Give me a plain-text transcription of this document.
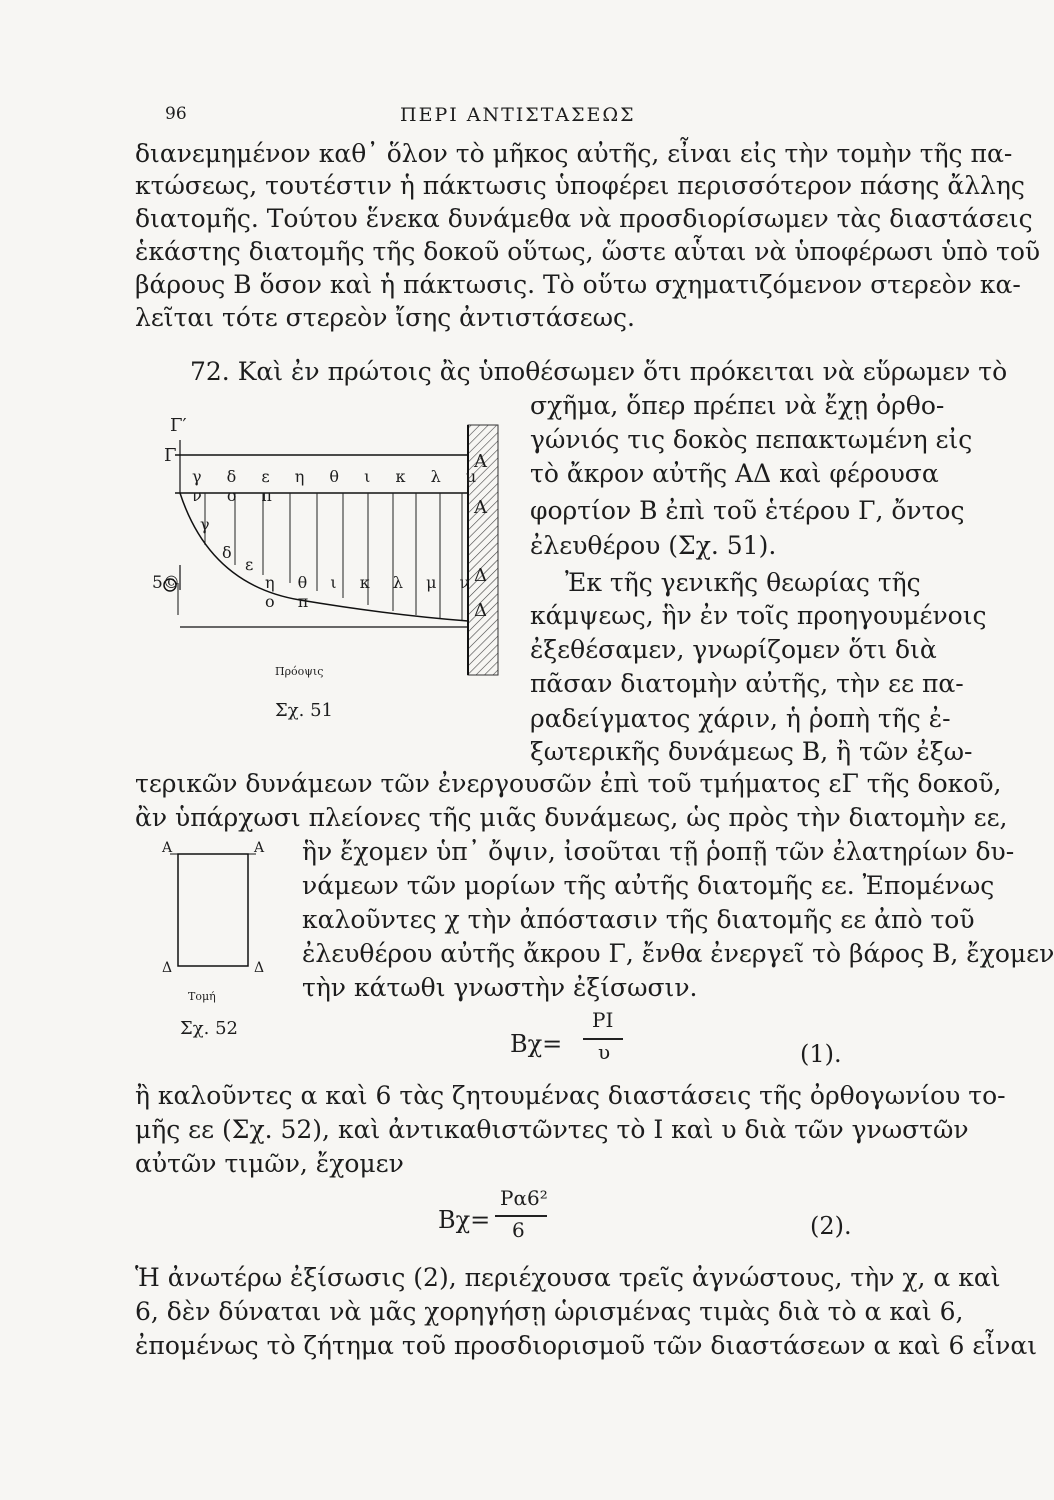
96	ΠΕΡΙ ΑΝΤΙΣΤΑΣΕΩΣ
διανεμημένον καθ᾽ ὅλον τὸ μῆκος αὐτῆς, εἶναι εἰς τὴν τομὴν τῆς πα-
κτώσεως, τουτέστιν ἡ πάκτωσις ὑποφέρει περισσότερον πάσης ἄλλης
διατομῆς. Τούτου ἕνεκα δυνάμεθα νὰ προσδιορίσωμεν τὰς διαστάσεις
ἑκάστης διατομῆς τῆς δοκοῦ οὕτως, ὥστε αὗται νὰ ὑποφέρωσι ὑπὸ τοῦ
βάρους Β ὅσον καὶ ἡ πάκτωσις. Τὸ οὕτω σχηματιζόμενον στερεὸν κα-
λεῖται τότε στερεὸν ἴσης ἀντιστάσεως.
72. Καὶ ἐν πρώτοις ἂς ὑποθέσωμεν ὅτι πρόκειται νὰ εὕρωμεν τὸ
σχῆμα, ὅπερ πρέπει νὰ ἔχῃ ὀρθο-
γώνιός τις δοκὸς πεπακτωμένη εἰς
τὸ ἄκρον αὐτῆς ΑΔ καὶ φέρουσα
φορτίον Β ἐπὶ τοῦ ἑτέρου Γ, ὄντος
ἐλευθέρου (Σχ. 51).
Ἐκ τῆς γενικῆς θεωρίας τῆς
κάμψεως, ἣν ἐν τοῖς προηγουμένοις
ἐξεθέσαμεν, γνωρίζομεν ὅτι διὰ
πᾶσαν διατομὴν αὐτῆς, τὴν εε πα-
ραδείγματος χάριν, ἡ ῥοπὴ τῆς ἐ-
ξωτερικῆς δυνάμεως Β, ἢ τῶν ἐξω-
τερικῶν δυνάμεων τῶν ἐνεργουσῶν ἐπὶ τοῦ τμήματος εΓ τῆς δοκοῦ,
ἂν ὑπάρχωσι πλείονες τῆς μιᾶς δυνάμεως, ὡς πρὸς τὴν διατομὴν εε,
ἣν ἔχομεν ὑπ᾽ ὄψιν, ἰσοῦται τῇ ῥοπῇ τῶν ἐλατηρίων δυ-
νάμεων τῶν μορίων τῆς αὐτῆς διατομῆς εε. Ἐπομένως
καλοῦντες χ τὴν ἀπόστασιν τῆς διατομῆς εε ἀπὸ τοῦ
ἐλευθέρου αὐτῆς ἄκρου Γ, ἔνθα ἐνεργεῖ τὸ βάρος Β, ἔχομεν
τὴν κάτωθι γνωστὴν ἐξίσωσιν.
Βχ=
PI
υ	(1).
ἢ καλοῦντες α καὶ 6 τὰς ζητουμένας διαστάσεις τῆς ὀρθογωνίου το-
μῆς εε (Σχ. 52), καὶ ἀντικαθιστῶντες τὸ Ι καὶ υ διὰ τῶν γνωστῶν
αὐτῶν τιμῶν, ἔχομεν
Βχ=
Pα6²
6	(2).
Ἡ ἀνωτέρω ἐξίσωσις (2), περιέχουσα τρεῖς ἀγνώστους, τὴν χ, α καὶ
6, δὲν δύναται νὰ μᾶς χορηγήσῃ ὡρισμένας τιμὰς διὰ τὸ α καὶ 6,
ἐπομένως τὸ ζήτημα τοῦ προσδιορισμοῦ τῶν διαστάσεων α καὶ 6 εἶναι
Γ′
Γ
γ δ ε η θ ι κ λ μ ν ο π
Α
Α
Δ
Δ
γ
δ
ε
5©	η θ ι κ λ μ ν ο π
Πρόοψις
Σχ. 51
Α	Α
Δ	Δ
Τομή
Σχ. 52
